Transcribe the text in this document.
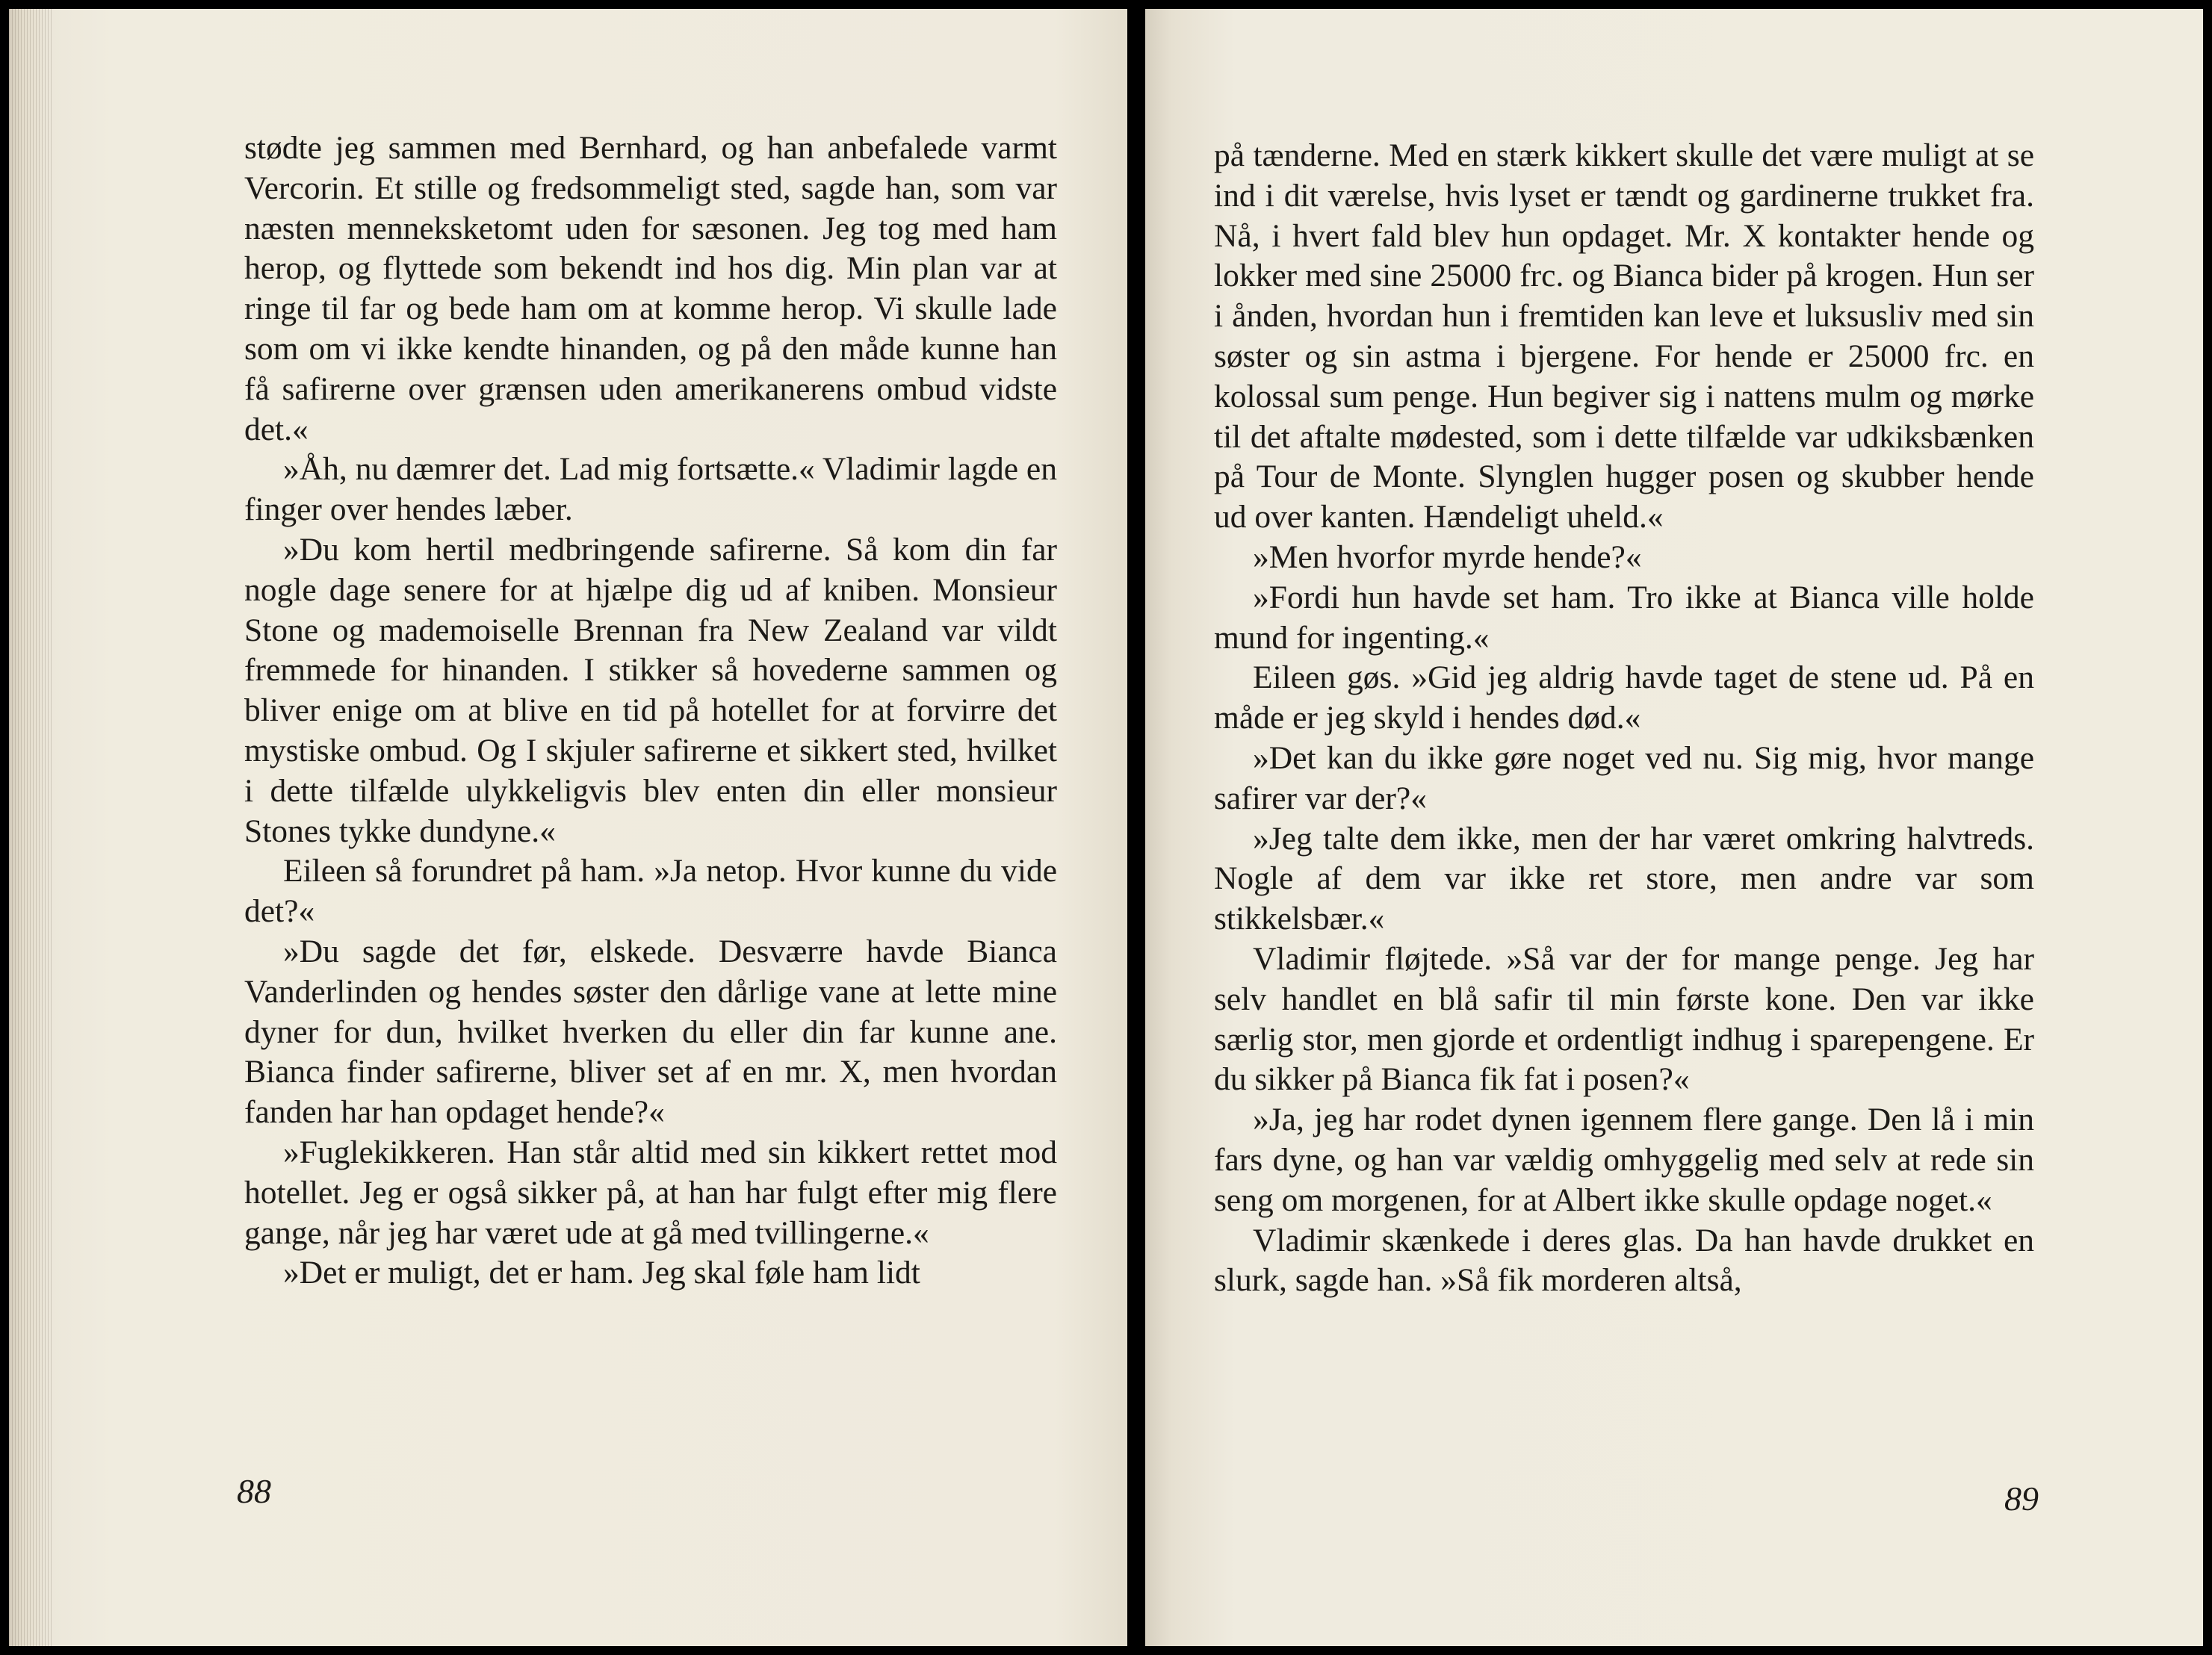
stødte jeg sammen med Bernhard, og han anbefalede varmt Vercorin. Et stille og fredsommeligt sted, sagde han, som var næsten menneksketomt uden for sæsonen. Jeg tog med ham herop, og flyttede som bekendt ind hos dig. Min plan var at ringe til far og bede ham om at komme herop. Vi skulle lade som om vi ikke kendte hinanden, og på den måde kunne han få safirerne over grænsen uden amerikanerens ombud vidste det.«

»Åh, nu dæmrer det. Lad mig fortsætte.« Vladimir lagde en finger over hendes læber.

»Du kom hertil medbringende safirerne. Så kom din far nogle dage senere for at hjælpe dig ud af kniben. Monsieur Stone og mademoiselle Brennan fra New Zealand var vildt fremmede for hinanden. I stikker så hovederne sammen og bliver enige om at blive en tid på hotellet for at forvirre det mystiske ombud. Og I skjuler safirerne et sikkert sted, hvilket i dette tilfælde ulykkeligvis blev enten din eller monsieur Stones tykke dundyne.«

Eileen så forundret på ham. »Ja netop. Hvor kunne du vide det?«

»Du sagde det før, elskede. Desværre havde Bianca Vanderlinden og hendes søster den dårlige vane at lette mine dyner for dun, hvilket hverken du eller din far kunne ane. Bianca finder safirerne, bliver set af en mr. X, men hvordan fanden har han opdaget hende?«

»Fuglekikkeren. Han står altid med sin kikkert rettet mod hotellet. Jeg er også sikker på, at han har fulgt efter mig flere gange, når jeg har været ude at gå med tvillingerne.«

»Det er muligt, det er ham. Jeg skal føle ham lidt

88

på tænderne. Med en stærk kikkert skulle det være muligt at se ind i dit værelse, hvis lyset er tændt og gardinerne trukket fra. Nå, i hvert fald blev hun opdaget. Mr. X kontakter hende og lokker med sine 25000 frc. og Bianca bider på krogen. Hun ser i ånden, hvordan hun i fremtiden kan leve et luksusliv med sin søster og sin astma i bjergene. For hende er 25000 frc. en kolossal sum penge. Hun begiver sig i nattens mulm og mørke til det aftalte mødested, som i dette tilfælde var udkiksbænken på Tour de Monte. Slynglen hugger posen og skubber hende ud over kanten. Hændeligt uheld.«

»Men hvorfor myrde hende?«

»Fordi hun havde set ham. Tro ikke at Bianca ville holde mund for ingenting.«

Eileen gøs. »Gid jeg aldrig havde taget de stene ud. På en måde er jeg skyld i hendes død.«

»Det kan du ikke gøre noget ved nu. Sig mig, hvor mange safirer var der?«

»Jeg talte dem ikke, men der har været omkring halvtreds. Nogle af dem var ikke ret store, men andre var som stikkelsbær.«

Vladimir fløjtede. »Så var der for mange penge. Jeg har selv handlet en blå safir til min første kone. Den var ikke særlig stor, men gjorde et ordentligt indhug i sparepengene. Er du sikker på Bianca fik fat i posen?«

»Ja, jeg har rodet dynen igennem flere gange. Den lå i min fars dyne, og han var vældig omhyggelig med selv at rede sin seng om morgenen, for at Albert ikke skulle opdage noget.«

Vladimir skænkede i deres glas. Da han havde drukket en slurk, sagde han. »Så fik morderen altså,

89
